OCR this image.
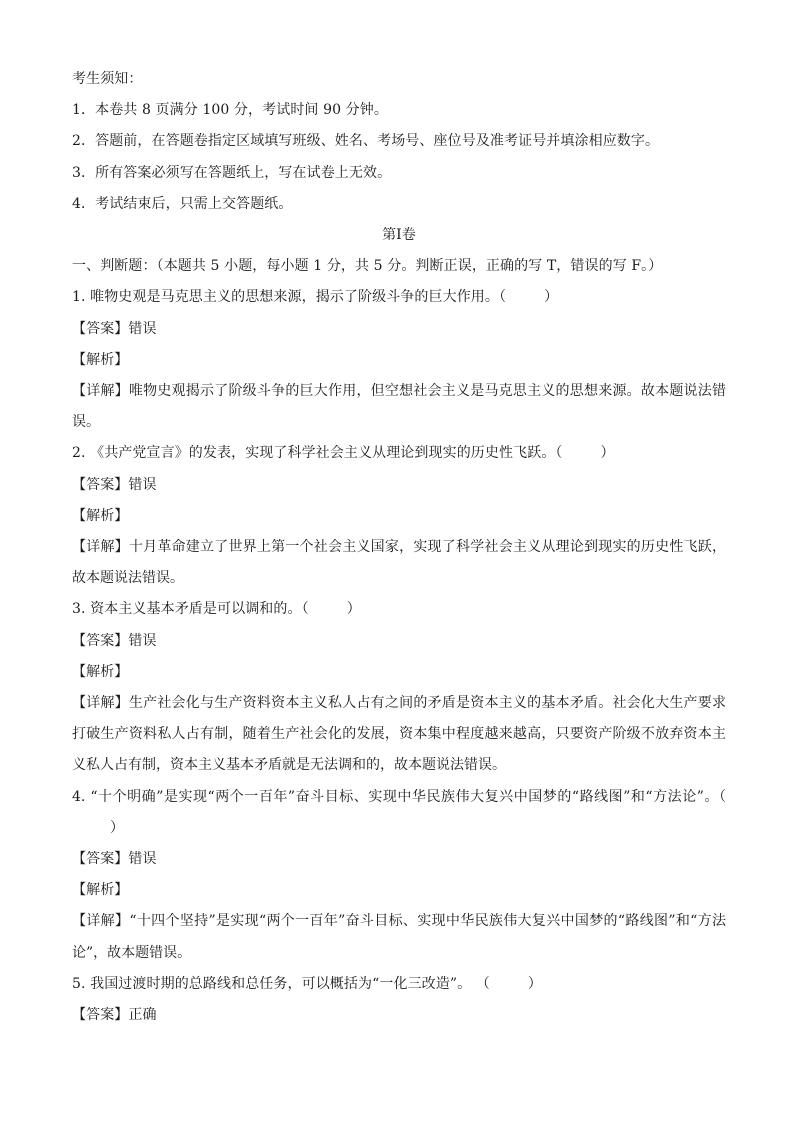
考生须知：
1．本卷共 8 页满分 100 分，考试时间 90 分钟。
2．答题前，在答题卷指定区域填写班级、姓名、考场号、座位号及准考证号并填涂相应数字。
3．所有答案必须写在答题纸上，写在试卷上无效。
4．考试结束后，只需上交答题纸。
第Ⅰ卷
一、判断题：（本题共 5 小题，每小题 1 分，共 5 分。判断正误，正确的写 T，错误的写 F。）
1. 唯物史观是马克思主义的思想来源，揭示了阶级斗争的巨大作用。（	）
【答案】错误
【解析】
【详解】唯物史观揭示了阶级斗争的巨大作用，但空想社会主义是马克思主义的思想来源。故本题说法错误。
2. 《共产党宣言》的发表，实现了科学社会主义从理论到现实的历史性飞跃。（	）
【答案】错误
【解析】
【详解】十月革命建立了世界上第一个社会主义国家，实现了科学社会主义从理论到现实的历史性飞跃，故本题说法错误。
3. 资本主义基本矛盾是可以调和的。（	）
【答案】错误
【解析】
【详解】生产社会化与生产资料资本主义私人占有之间的矛盾是资本主义的基本矛盾。社会化大生产要求打破生产资料私人占有制，随着生产社会化的发展，资本集中程度越来越高，只要资产阶级不放弃资本主义私人占有制，资本主义基本矛盾就是无法调和的，故本题说法错误。
4. “十个明确”是实现“两个一百年”奋斗目标、实现中华民族伟大复兴中国梦的“路线图”和“方法论”。（）
【答案】错误
【解析】
【详解】“十四个坚持”是实现“两个一百年”奋斗目标、实现中华民族伟大复兴中国梦的“路线图”和“方法论”，故本题错误。
5. 我国过渡时期的总路线和总任务，可以概括为“一化三改造”。 （	）
【答案】正确
